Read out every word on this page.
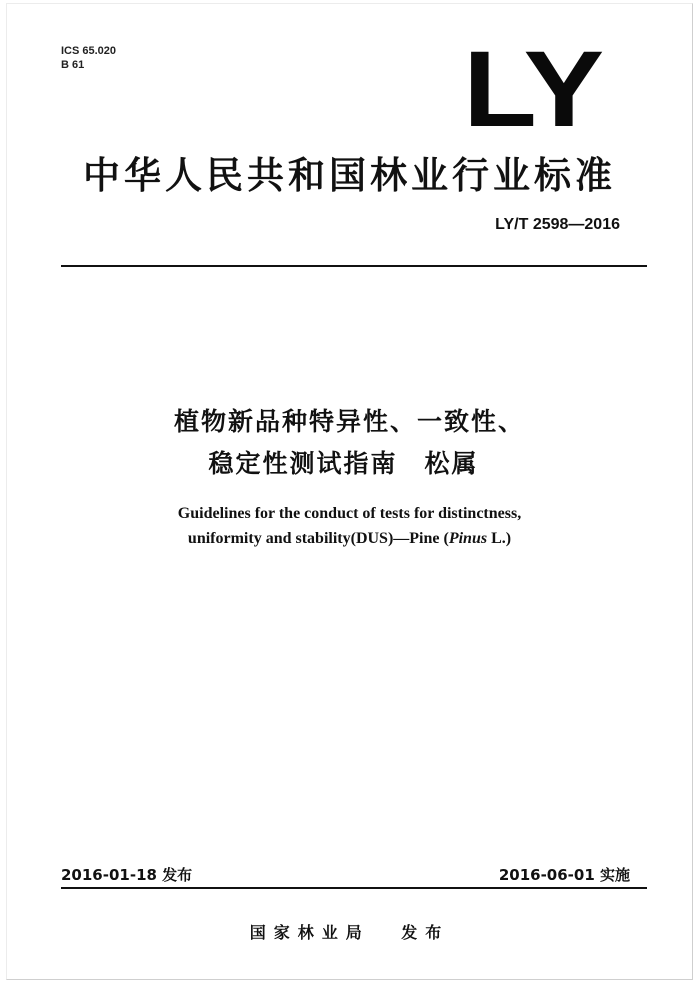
ICS 65.020
B 61	LY
中华人民共和国林业行业标准
LY/T 2598—2016
植物新品种特异性、一致性、
稳定性测试指南　松属
Guidelines for the conduct of tests for distinctness,
uniformity and stability(DUS)—Pine (Pinus L.)
2016-01-18 发布	2016-06-01 实施
国家林业局 发布
